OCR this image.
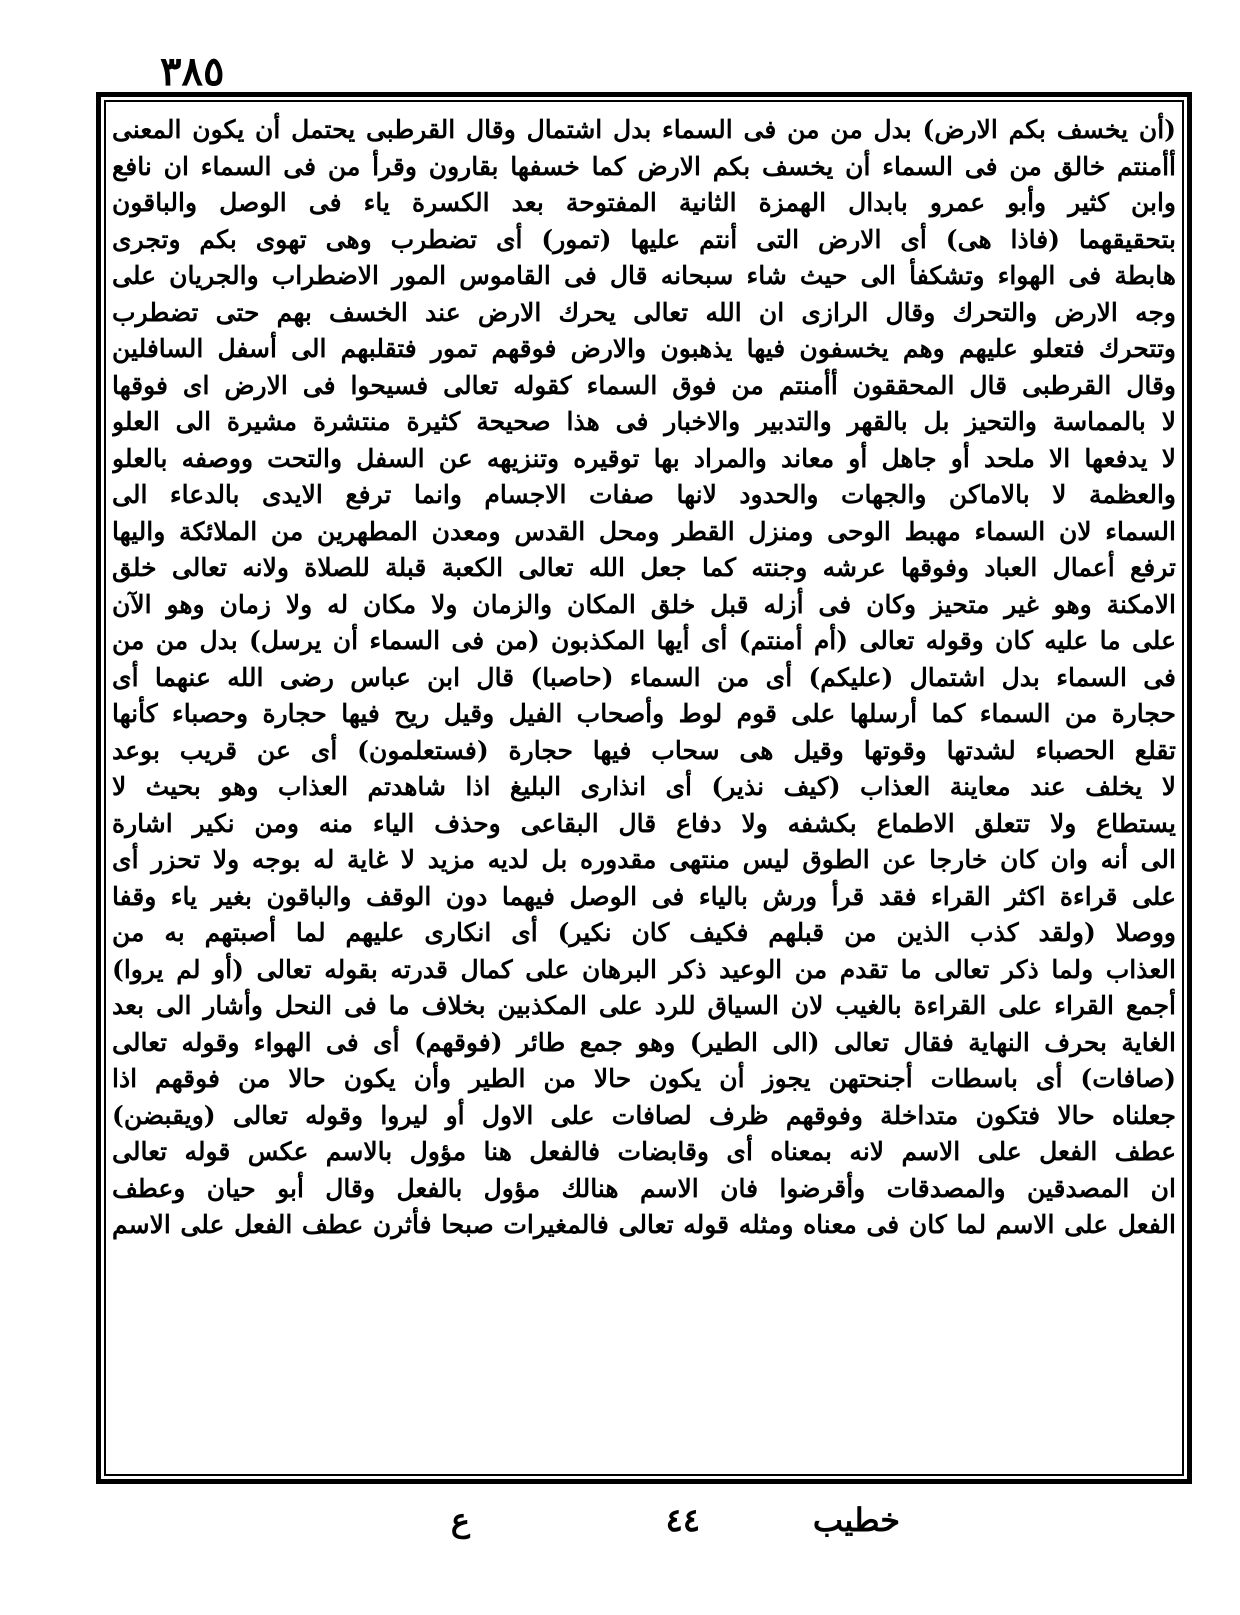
٣٨٥
(أن يخسف بكم الارض) بدل من من فى السماء بدل اشتمال وقال القرطبى يحتمل أن يكون المعنى
أأمنتم خالق من فى السماء أن يخسف بكم الارض كما خسفها بقارون وقرأ من فى السماء ان نافع
وابن كثير وأبو عمرو بابدال الهمزة الثانية المفتوحة بعد الكسرة ياء فى الوصل والباقون
بتحقيقهما (فاذا هى) أى الارض التى أنتم عليها (تمور) أى تضطرب وهى تهوى بكم وتجرى
هابطة فى الهواء وتشكفأ الى حيث شاء سبحانه قال فى القاموس المور الاضطراب والجريان على
وجه الارض والتحرك وقال الرازى ان الله تعالى يحرك الارض عند الخسف بهم حتى تضطرب
وتتحرك فتعلو عليهم وهم يخسفون فيها يذهبون والارض فوقهم تمور فتقلبهم الى أسفل السافلين
وقال القرطبى قال المحققون أأمنتم من فوق السماء كقوله تعالى فسيحوا فى الارض اى فوقها
لا بالمماسة والتحيز بل بالقهر والتدبير والاخبار فى هذا صحيحة كثيرة منتشرة مشيرة الى العلو
لا يدفعها الا ملحد أو جاهل أو معاند والمراد بها توقيره وتنزيهه عن السفل والتحت ووصفه بالعلو
والعظمة لا بالاماكن والجهات والحدود لانها صفات الاجسام وانما ترفع الايدى بالدعاء الى
السماء لان السماء مهبط الوحى ومنزل القطر ومحل القدس ومعدن المطهرين من الملائكة واليها
ترفع أعمال العباد وفوقها عرشه وجنته كما جعل الله تعالى الكعبة قبلة للصلاة ولانه تعالى خلق
الامكنة وهو غير متحيز وكان فى أزله قبل خلق المكان والزمان ولا مكان له ولا زمان وهو الآن
على ما عليه كان وقوله تعالى (أم أمنتم) أى أيها المكذبون (من فى السماء أن يرسل) بدل من من
فى السماء بدل اشتمال (عليكم) أى من السماء (حاصبا) قال ابن عباس رضى الله عنهما أى
حجارة من السماء كما أرسلها على قوم لوط وأصحاب الفيل وقيل ريح فيها حجارة وحصباء كأنها
تقلع الحصباء لشدتها وقوتها وقيل هى سحاب فيها حجارة (فستعلمون) أى عن قريب بوعد
لا يخلف عند معاينة العذاب (كيف نذير) أى انذارى البليغ اذا شاهدتم العذاب وهو بحيث لا
يستطاع ولا تتعلق الاطماع بكشفه ولا دفاع قال البقاعى وحذف الياء منه ومن نكير اشارة
الى أنه وان كان خارجا عن الطوق ليس منتهى مقدوره بل لديه مزيد لا غاية له بوجه ولا تحزر أى
على قراءة اكثر القراء فقد قرأ ورش بالياء فى الوصل فيهما دون الوقف والباقون بغير ياء وقفا
ووصلا (ولقد كذب الذين من قبلهم فكيف كان نكير) أى انكارى عليهم لما أصبتهم به من
العذاب ولما ذكر تعالى ما تقدم من الوعيد ذكر البرهان على كمال قدرته بقوله تعالى (أو لم يروا)
أجمع القراء على القراءة بالغيب لان السياق للرد على المكذبين بخلاف ما فى النحل وأشار الى بعد
الغاية بحرف النهاية فقال تعالى (الى الطير) وهو جمع طائر (فوقهم) أى فى الهواء وقوله تعالى
(صافات) أى باسطات أجنحتهن يجوز أن يكون حالا من الطير وأن يكون حالا من فوقهم اذا
جعلناه حالا فتكون متداخلة وفوقهم ظرف لصافات على الاول أو ليروا وقوله تعالى (ويقبضن)
عطف الفعل على الاسم لانه بمعناه أى وقابضات فالفعل هنا مؤول بالاسم عكس قوله تعالى
ان المصدقين والمصدقات وأقرضوا فان الاسم هنالك مؤول بالفعل وقال أبو حيان وعطف
الفعل على الاسم لما كان فى معناه ومثله قوله تعالى فالمغيرات صبحا فأثرن عطف الفعل على الاسم
خطيب
٤٤
ع
